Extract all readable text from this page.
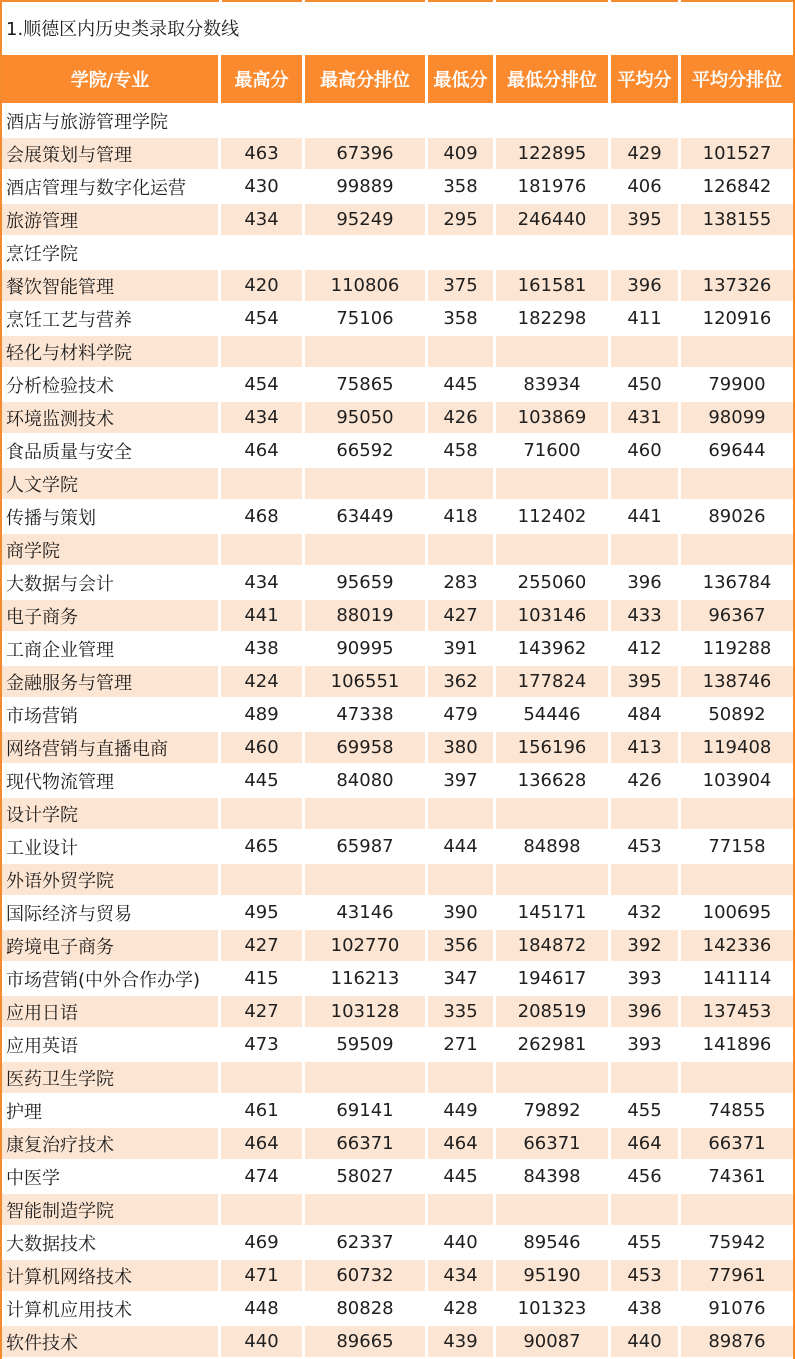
1.顺德区内历史类录取分数线
学院/专业	最高分	最高分排位	最低分	最低分排位	平均分	平均分排位
酒店与旅游管理学院						
会展策划与管理	463	67396	409	122895	429	101527
酒店管理与数字化运营	430	99889	358	181976	406	126842
旅游管理	434	95249	295	246440	395	138155
烹饪学院						
餐饮智能管理	420	110806	375	161581	396	137326
烹饪工艺与营养	454	75106	358	182298	411	120916
轻化与材料学院						
分析检验技术	454	75865	445	83934	450	79900
环境监测技术	434	95050	426	103869	431	98099
食品质量与安全	464	66592	458	71600	460	69644
人文学院						
传播与策划	468	63449	418	112402	441	89026
商学院						
大数据与会计	434	95659	283	255060	396	136784
电子商务	441	88019	427	103146	433	96367
工商企业管理	438	90995	391	143962	412	119288
金融服务与管理	424	106551	362	177824	395	138746
市场营销	489	47338	479	54446	484	50892
网络营销与直播电商	460	69958	380	156196	413	119408
现代物流管理	445	84080	397	136628	426	103904
设计学院						
工业设计	465	65987	444	84898	453	77158
外语外贸学院						
国际经济与贸易	495	43146	390	145171	432	100695
跨境电子商务	427	102770	356	184872	392	142336
市场营销(中外合作办学)	415	116213	347	194617	393	141114
应用日语	427	103128	335	208519	396	137453
应用英语	473	59509	271	262981	393	141896
医药卫生学院						
护理	461	69141	449	79892	455	74855
康复治疗技术	464	66371	464	66371	464	66371
中医学	474	58027	445	84398	456	74361
智能制造学院						
大数据技术	469	62337	440	89546	455	75942
计算机网络技术	471	60732	434	95190	453	77961
计算机应用技术	448	80828	428	101323	438	91076
软件技术	440	89665	439	90087	440	89876
